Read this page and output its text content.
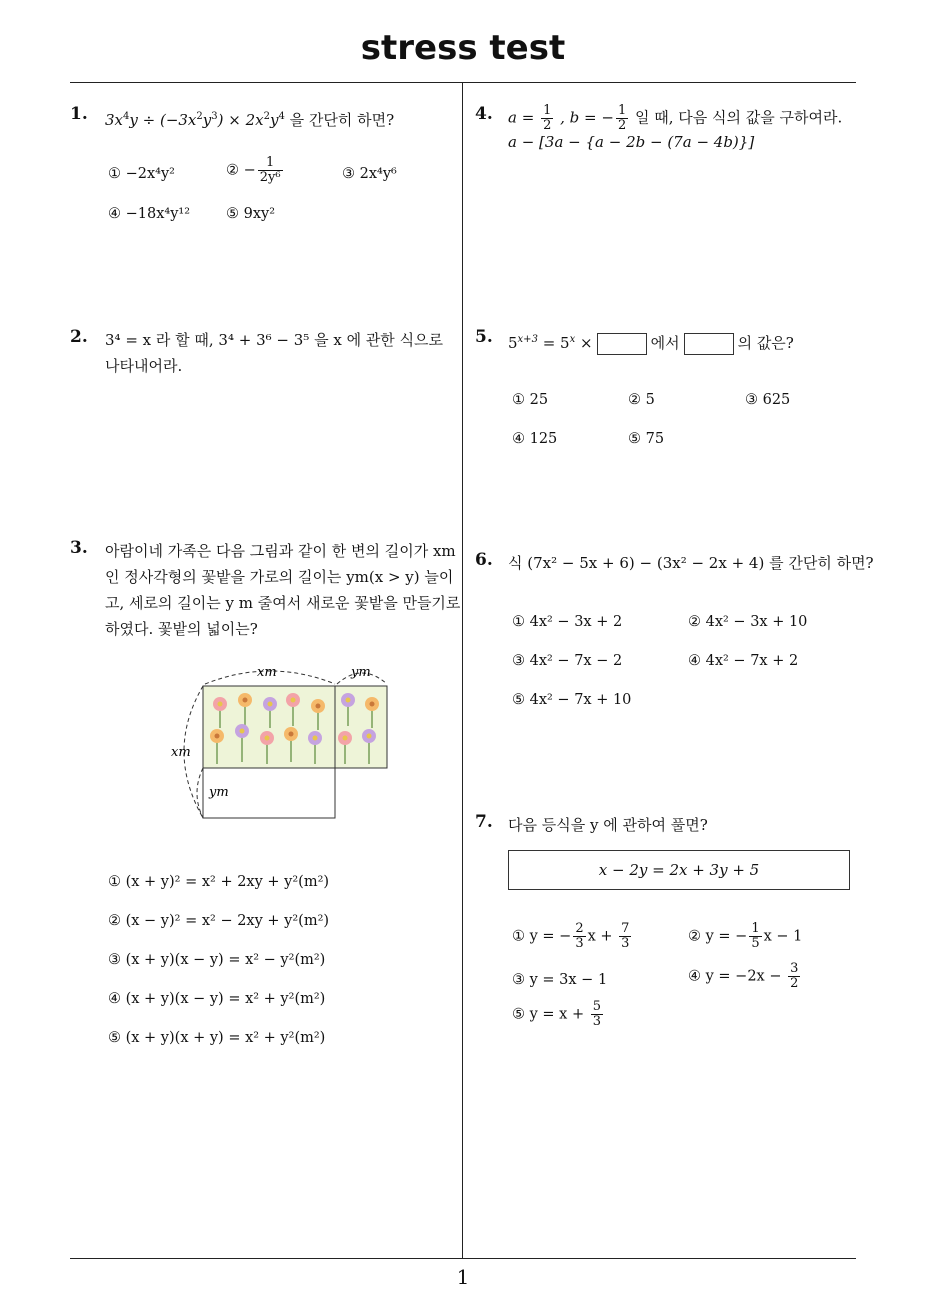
stress test
1
1. $3x^4y \div (-3x^2y^3) \times 2x^2y^4$ 을 간단히 하면?
① −2x⁴y²	② − $\frac{1}{\text{2y⁶}}$	③ 2x⁴y⁶
④ −18x⁴y¹² ⑤ 9xy²
2. 3⁴ = x 라 할 때, 3⁴ + 3⁶ − 3⁵ 을 x 에 관한 식으로
나타내어라.
3. 아람이네 가족은 다음 그림과 같이 한 변의 길이가 xm
인 정사각형의 꽃밭을 가로의 길이는 ym(x > y) 늘이
고, 세로의 길이는 y m 줄여서 새로운 꽃밭을 만들기로
하였다. 꽃밭의 넓이는?
xm	ym
xm
ym
① (x + y)² = x² + 2xy + y²(m²)
② (x − y)² = x² − 2xy + y²(m²)
③ (x + y)(x − y) = x² − y²(m²)
④ (x + y)(x − y) = x² + y²(m²)
⑤ (x + y)(x + y) = x² + y²(m²)
4. $a = \frac{1}{2}$ , b = − $\frac{1}{2}$ 일 때, 다음 식의 값을 구하여라.
a − [3a − {a − 2b − (7a − 4b)}]
5. $5^{x+3} = 5^x$ ×	에서	의 값은?
① 25	② 5	③ 625
④ 125	⑤ 75
6. 식 (7x² − 5x + 6) − (3x² − 2x + 4) 를 간단히 하면?
① 4x² − 3x + 2	② 4x² − 3x + 10
③ 4x² − 7x − 2	④ 4x² − 7x + 2
⑤ 4x² − 7x + 10
7. 다음 등식을 y 에 관하여 풀면?
x − 2y = 2x + 3y + 5
① y = − $\frac{2}{3}$ $x + \frac{7}{3}$	② y = − $\frac{1}{5}$ x − 1
③ y = 3x − 1	④ $y = -2x - \frac{3}{2}$
⑤ $y = x + \frac{5}{3}$
